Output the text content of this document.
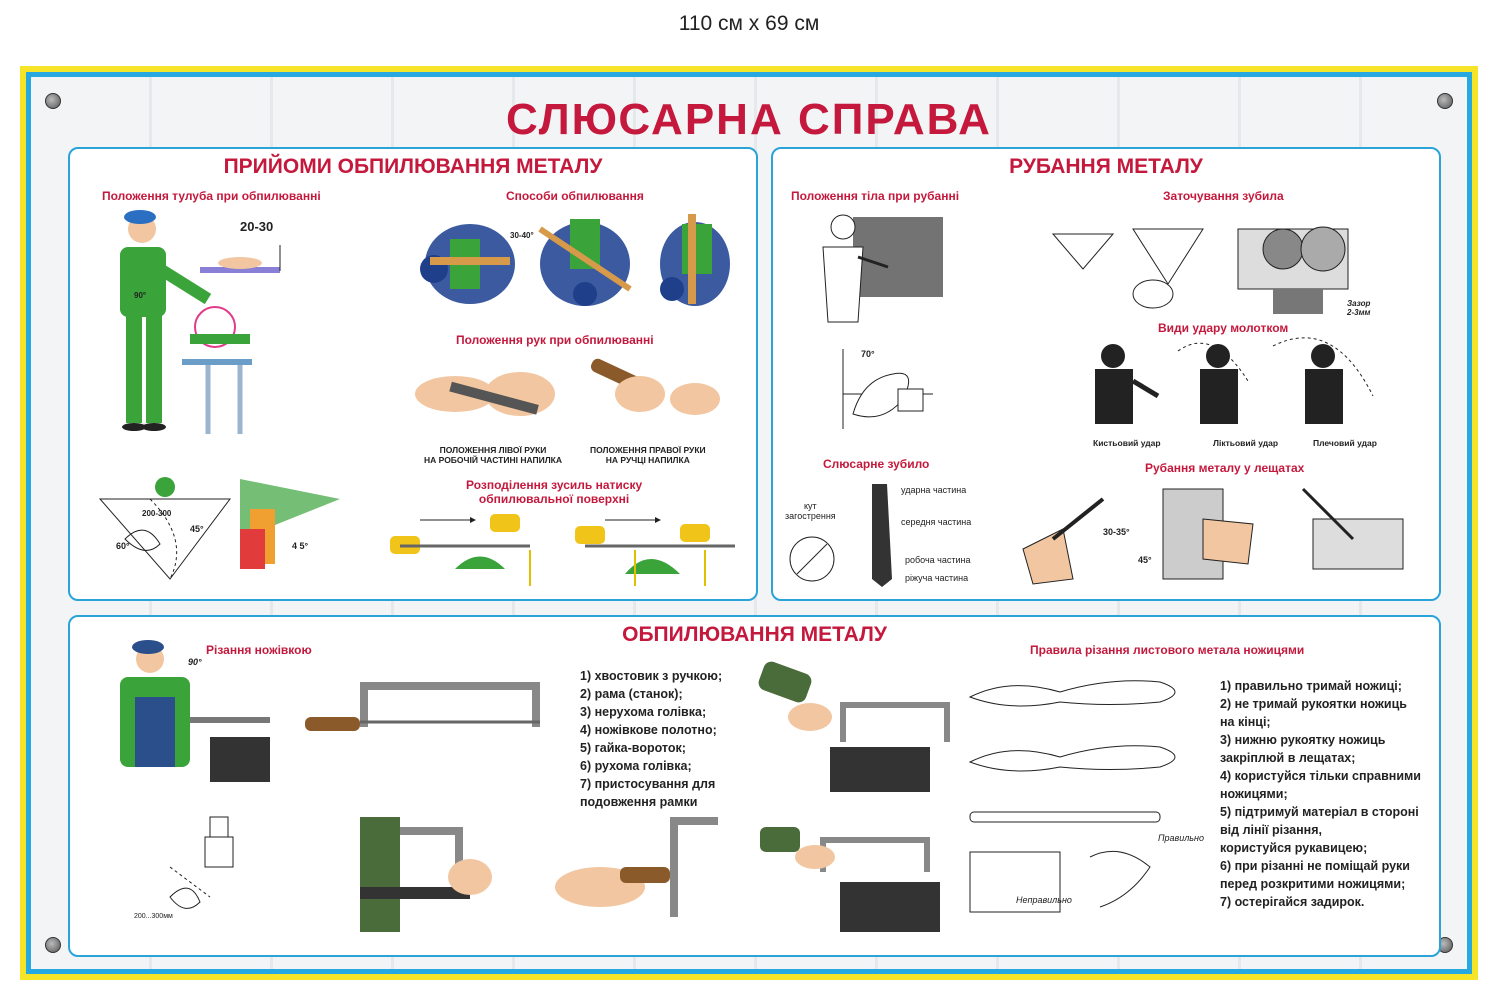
110 см х 69 см
СЛЮСАРНА СПРАВА
ПРИЙОМИ ОБПИЛЮВАННЯ МЕТАЛУ
Положення тулуба при обпилюванні	Способи обпилювання
20-30
90°
30-40°
Положення рук при обпилюванні
ПОЛОЖЕННЯ ЛІВОЇ РУКИ
НА РОБОЧІЙ ЧАСТИНІ НАПИЛКА
ПОЛОЖЕННЯ ПРАВОЇ РУКИ
НА РУЧЦІ НАПИЛКА
Розподілення зусиль натиску
обпилювальної поверхні
45°
60°
200-300
4 5°
РУБАННЯ МЕТАЛУ
Положення тіла при рубанні	Заточування зубила
Зазор
2-3мм
Види удару молотком
Кистьовий удар	Ліктьовий удар	Плечовий удар
70°
Слюсарне зубило
кут
загострення
ударна частина
середня частина
робоча частина
ріжуча частина
Рубання металу у лещатах
30-35°
45°
ОБПИЛЮВАННЯ МЕТАЛУ
Різання ножівкою	Правила різання листового метала ножицями
90°
1) хвостовик з ручкою;
2) рама (станок);
3) нерухома голівка;
4) ножівкове полотно;
5) гайка-вороток;
6) рухома голівка;
7) пристосування для
подовження рамки
Правильно
Неправильно
1) правильно тримай ножиці;
2) не тримай рукоятки ножиць
на кінці;
3) нижню рукоятку ножиць
закріплюй в лещатах;
4) користуйся тільки справними
ножицями;
5) підтримуй матеріал в стороні
від лінії різання,
користуйся рукавицею;
6) при різанні не поміщай руки
перед розкритими ножицями;
7) остерігайся задирок.
200...300мм
